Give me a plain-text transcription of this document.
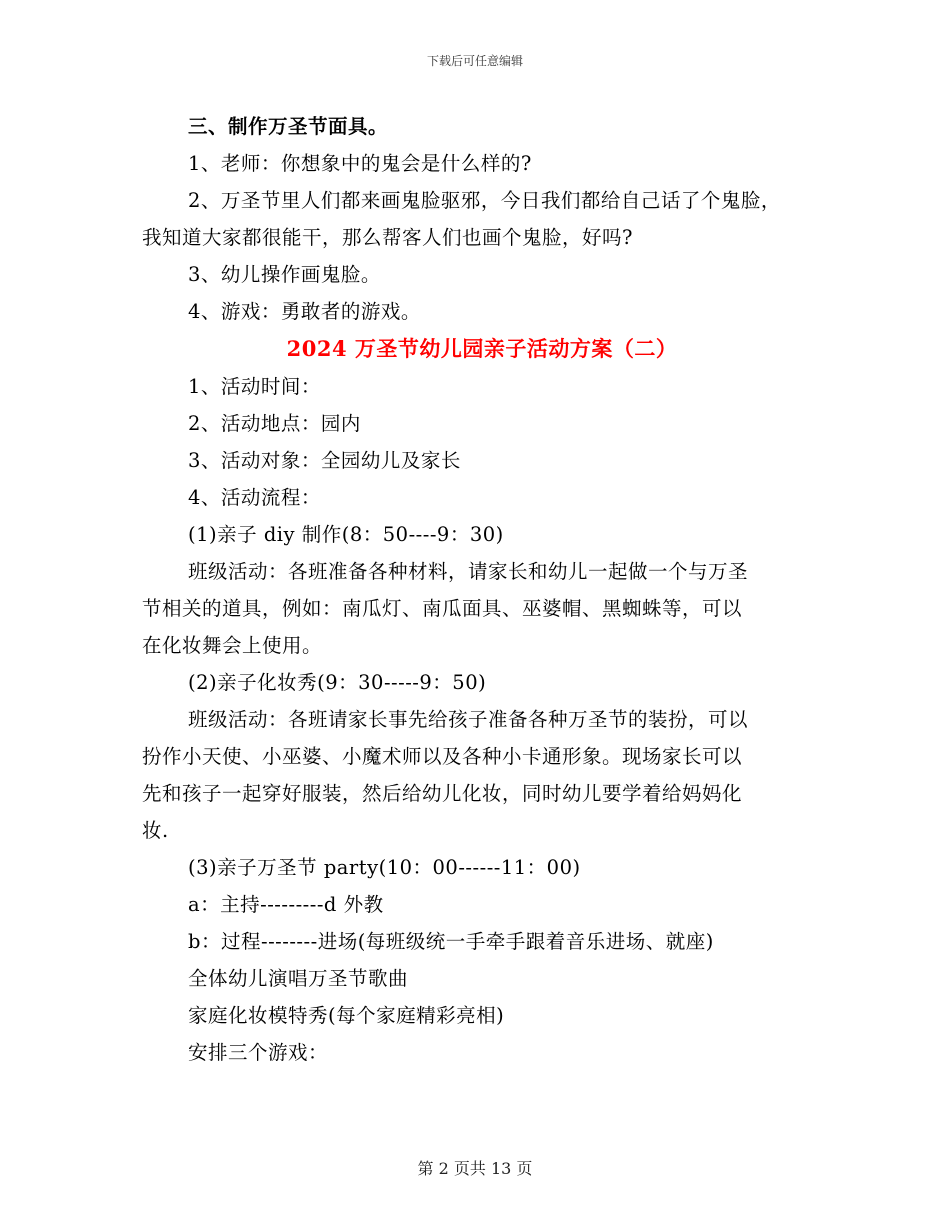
下载后可任意编辑
三、制作万圣节面具。
1、老师：你想象中的鬼会是什么样的?
2、万圣节里人们都来画鬼脸驱邪，今日我们都给自己话了个鬼脸，
我知道大家都很能干，那么帮客人们也画个鬼脸，好吗?
3、幼儿操作画鬼脸。
4、游戏：勇敢者的游戏。
2024 万圣节幼儿园亲子活动方案（二）
1、活动时间：
2、活动地点：园内
3、活动对象：全园幼儿及家长
4、活动流程：
(1)亲子 diy 制作(8：50----9：30)
班级活动：各班准备各种材料，请家长和幼儿一起做一个与万圣
节相关的道具，例如：南瓜灯、南瓜面具、巫婆帽、黑蜘蛛等，可以
在化妆舞会上使用。
(2)亲子化妆秀(9：30-----9：50)
班级活动：各班请家长事先给孩子准备各种万圣节的装扮，可以
扮作小天使、小巫婆、小魔术师以及各种小卡通形象。现场家长可以
先和孩子一起穿好服装，然后给幼儿化妆，同时幼儿要学着给妈妈化
妆.
(3)亲子万圣节 party(10：00------11：00)
a：主持---------d 外教
b：过程--------进场(每班级统一手牵手跟着音乐进场、就座)
全体幼儿演唱万圣节歌曲
家庭化妆模特秀(每个家庭精彩亮相)
安排三个游戏：
第 2 页共 13 页
